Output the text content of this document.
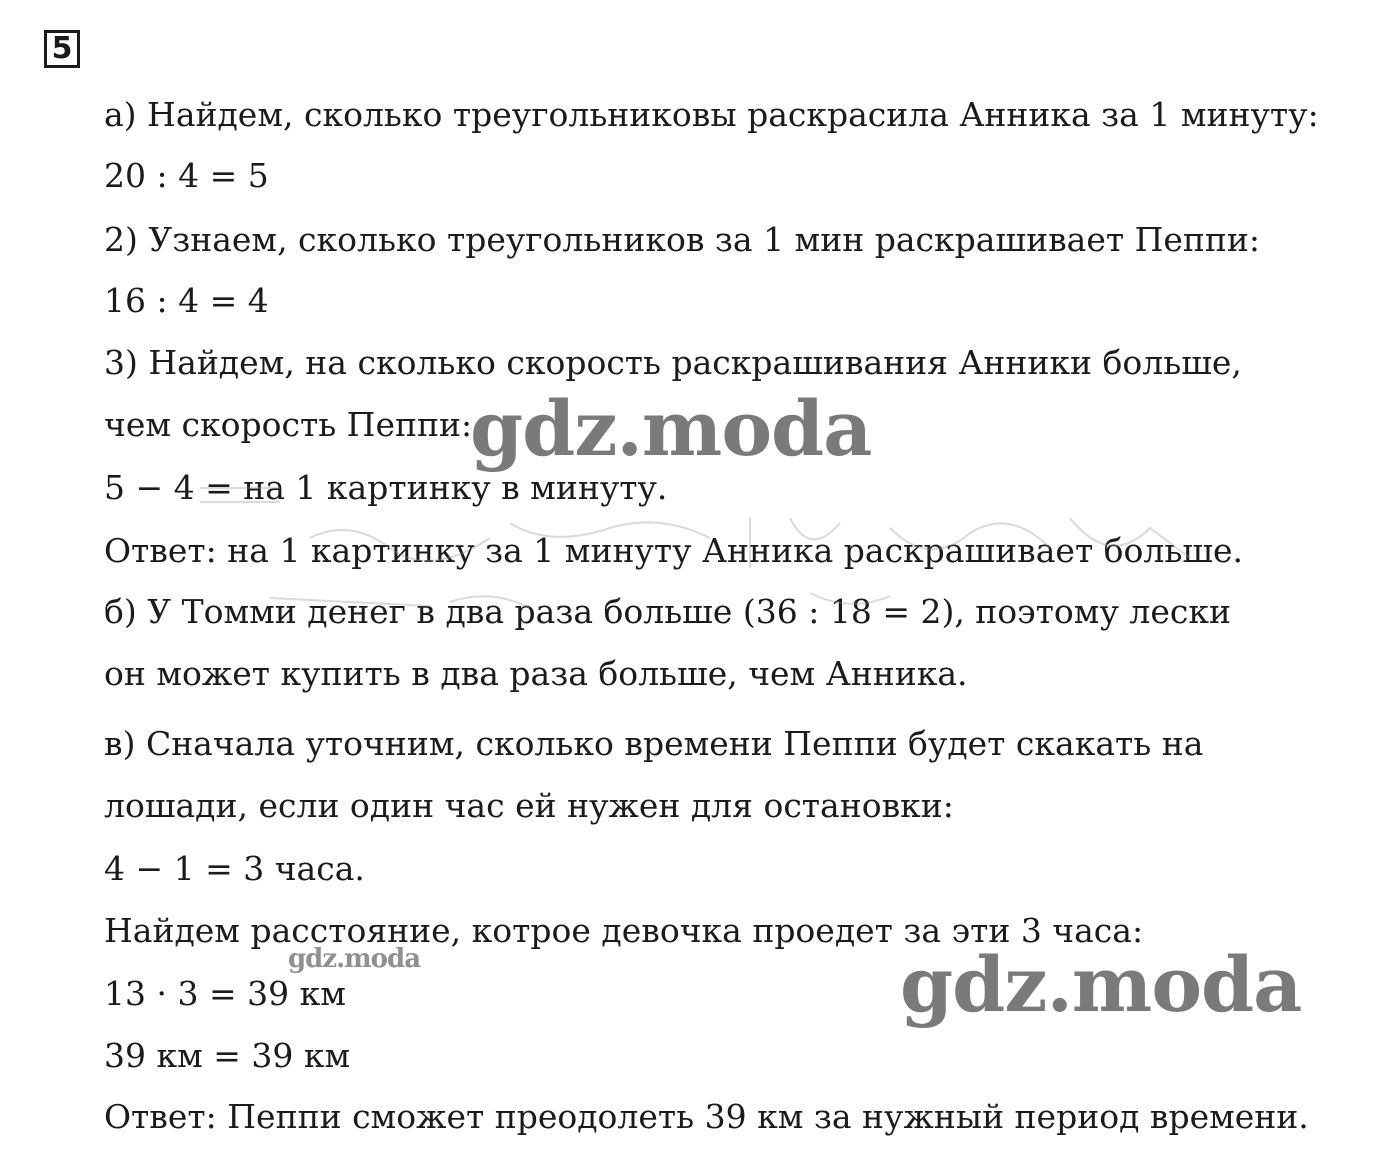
5
а) Найдем, сколько треугольниковы раскрасила Анника за 1 минуту:
20 : 4 = 5
2) Узнаем, сколько треугольников за 1 мин раскрашивает Пеппи:
16 : 4 = 4
3) Найдем, на сколько скорость раскрашивания Анники больше,
чем скорость Пеппи:
5 − 4 = на 1 картинку в минуту.
Ответ: на 1 картинку за 1 минуту Анника раскрашивает больше.
б) У Томми денег в два раза больше (36 : 18 = 2), поэтому лески
он может купить в два раза больше, чем Анника.
в) Сначала уточним, сколько времени Пеппи будет скакать на
лошади, если один час ей нужен для остановки:
4 − 1 = 3 часа.
Найдем расстояние, котрое девочка проедет за эти 3 часа:
13 · 3 = 39 км
39 км = 39 км
Ответ: Пеппи сможет преодолеть 39 км за нужный период времени.
gdz.moda
gdz.moda	gdz.moda
